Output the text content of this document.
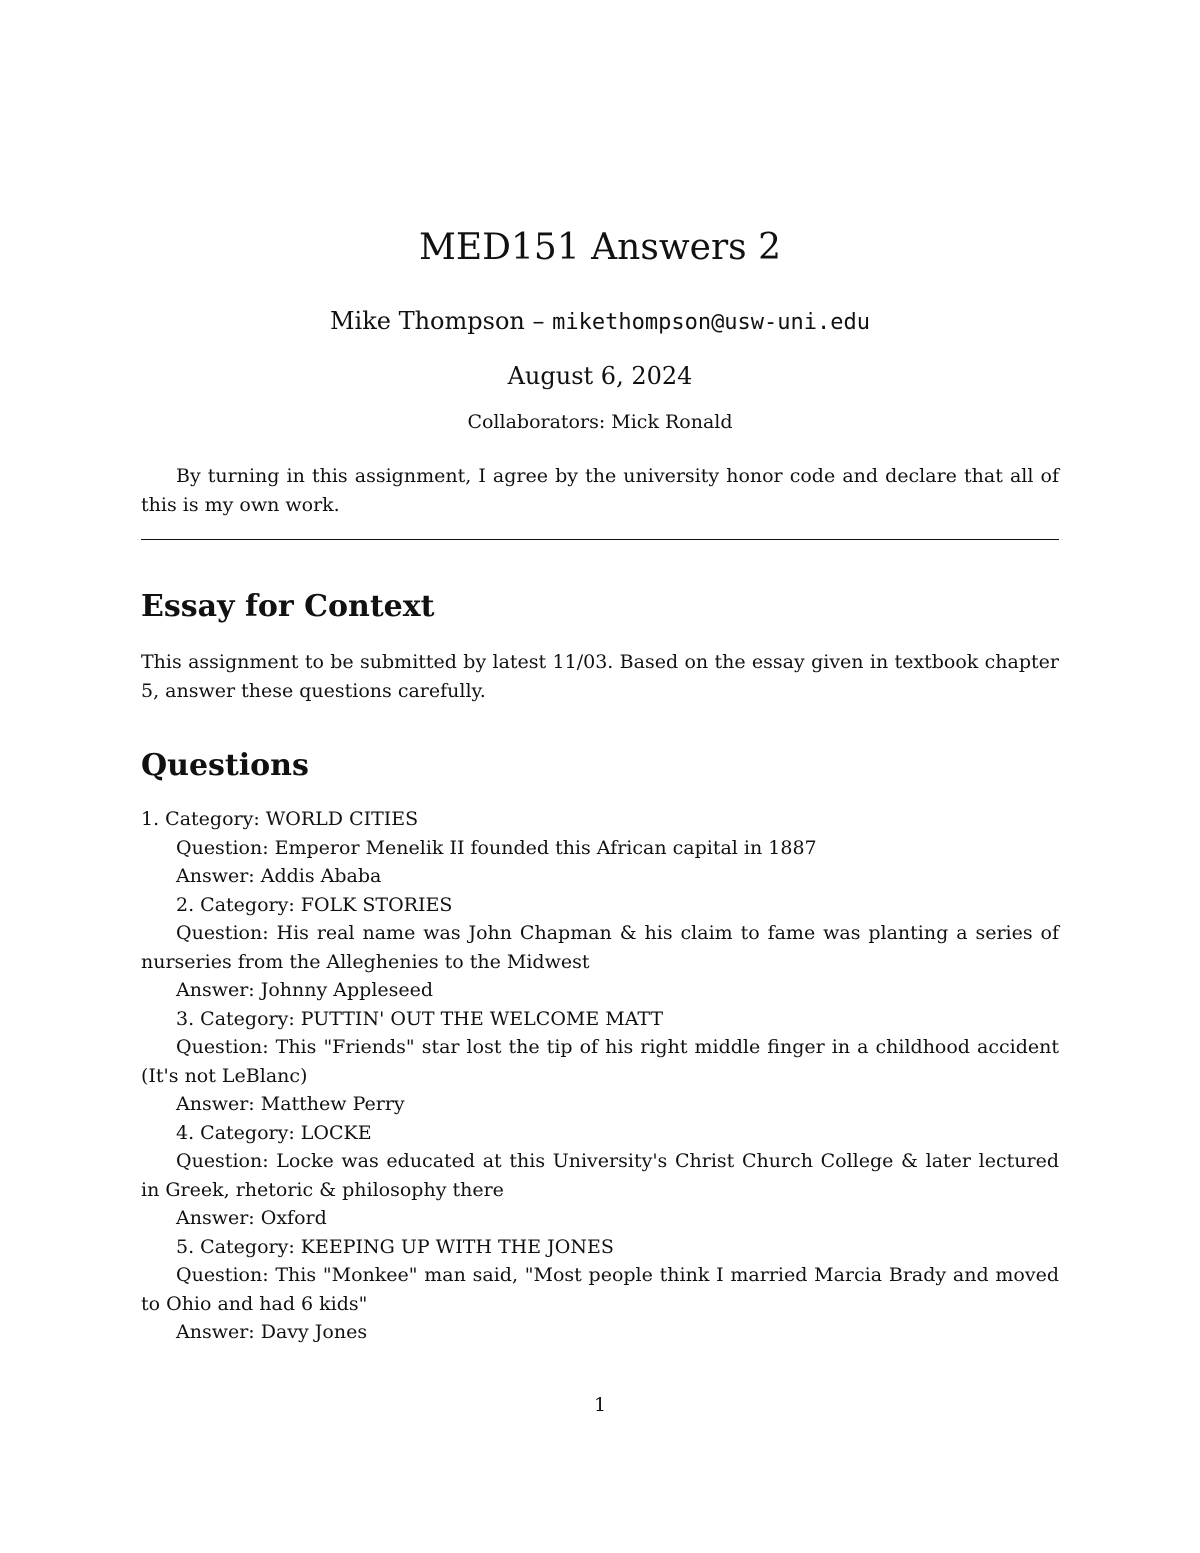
MED151 Answers 2
Mike Thompson – mikethompson@usw-uni.edu
August 6, 2024
Collaborators: Mick Ronald
By turning in this assignment, I agree by the university honor code and declare that all of this is my own work.
Essay for Context
This assignment to be submitted by latest 11/03. Based on the essay given in textbook chapter 5, answer these questions carefully.
Questions
1. Category: WORLD CITIES
Question: Emperor Menelik II founded this African capital in 1887
Answer: Addis Ababa
2. Category: FOLK STORIES
Question: His real name was John Chapman & his claim to fame was planting a series of nurseries from the Alleghenies to the Midwest
Answer: Johnny Appleseed
3. Category: PUTTIN' OUT THE WELCOME MATT
Question: This "Friends" star lost the tip of his right middle finger in a childhood accident (It's not LeBlanc)
Answer: Matthew Perry
4. Category: LOCKE
Question: Locke was educated at this University's Christ Church College & later lectured in Greek, rhetoric & philosophy there
Answer: Oxford
5. Category: KEEPING UP WITH THE JONES
Question: This "Monkee" man said, "Most people think I married Marcia Brady and moved to Ohio and had 6 kids"
Answer: Davy Jones
1
